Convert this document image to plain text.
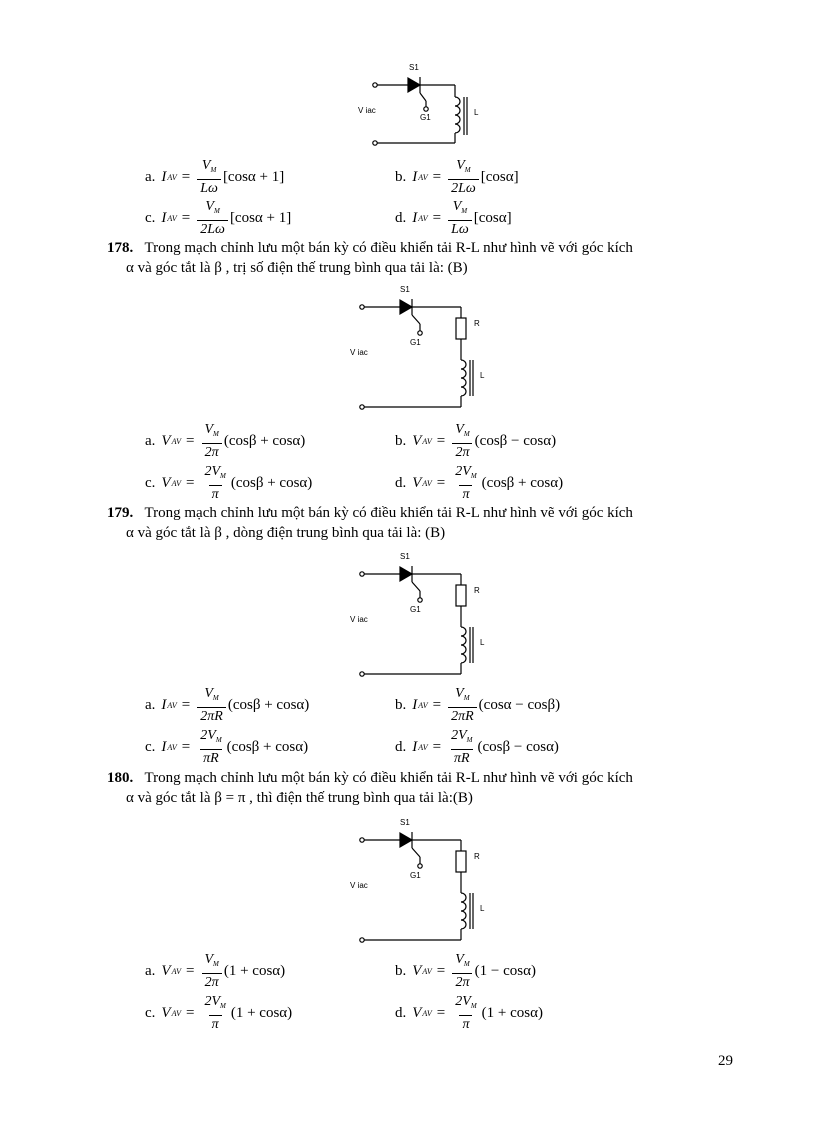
S1
G1
V iac	L
a. I AV = $\frac{V_M}{L\omega} [\cos\alpha + 1]$	b. I AV = $\frac{V_M}{2L\omega} [\cos\alpha]$
c. I AV = $\frac{V_M}{2L\omega} [\cos\alpha + 1]$	d. I AV = $\frac{V_M}{L\omega} [\cos\alpha]$
178. Trong mạch chỉnh lưu một bán kỳ có điều khiển tải R-L như hình vẽ với góc kích
α và góc tắt là β , trị số điện thế trung bình qua tải là: (B)
S1
G1
V iac
R
L
a. V AV = $\frac{V_M}{2\pi} (\cos\beta + \cos\alpha)$	b. V AV = $\frac{V_M}{2\pi} (\cos\beta - \cos\alpha)$
c. V AV = $\frac{2V_M}{\pi} (\cos\beta + \cos\alpha)$	d. V AV = $\frac{2V_M}{\pi} (\cos\beta + \cos\alpha)$
179. Trong mạch chỉnh lưu một bán kỳ có điều khiển tải R-L như hình vẽ với góc kích
α và góc tắt là β , dòng điện trung bình qua tải là: (B)
S1
G1
V iac
R
L
a. I AV = $\frac{V_M}{2\pi R} (\cos\beta + \cos\alpha)$	b. I AV = $\frac{V_M}{2\pi R} (\cos\alpha - \cos\beta)$
c. I AV = $\frac{2V_M}{\pi R} (\cos\beta + \cos\alpha)$	d. I AV = $\frac{2V_M}{\pi R} (\cos\beta - \cos\alpha)$
180. Trong mạch chỉnh lưu một bán kỳ có điều khiển tải R-L như hình vẽ với góc kích
α và góc tắt là β = π , thì điện thế trung bình qua tải là:(B)
S1
G1
V iac
R
L
a. V AV = $\frac{V_M}{2\pi} (1 + \cos\alpha)$	b. V AV = $\frac{V_M}{2\pi} (1 - \cos\alpha)$
c. V AV = $\frac{2V_M}{\pi} (1 + \cos\alpha)$	d. V AV = $\frac{2V_M}{\pi} (1 + \cos\alpha)$
29
